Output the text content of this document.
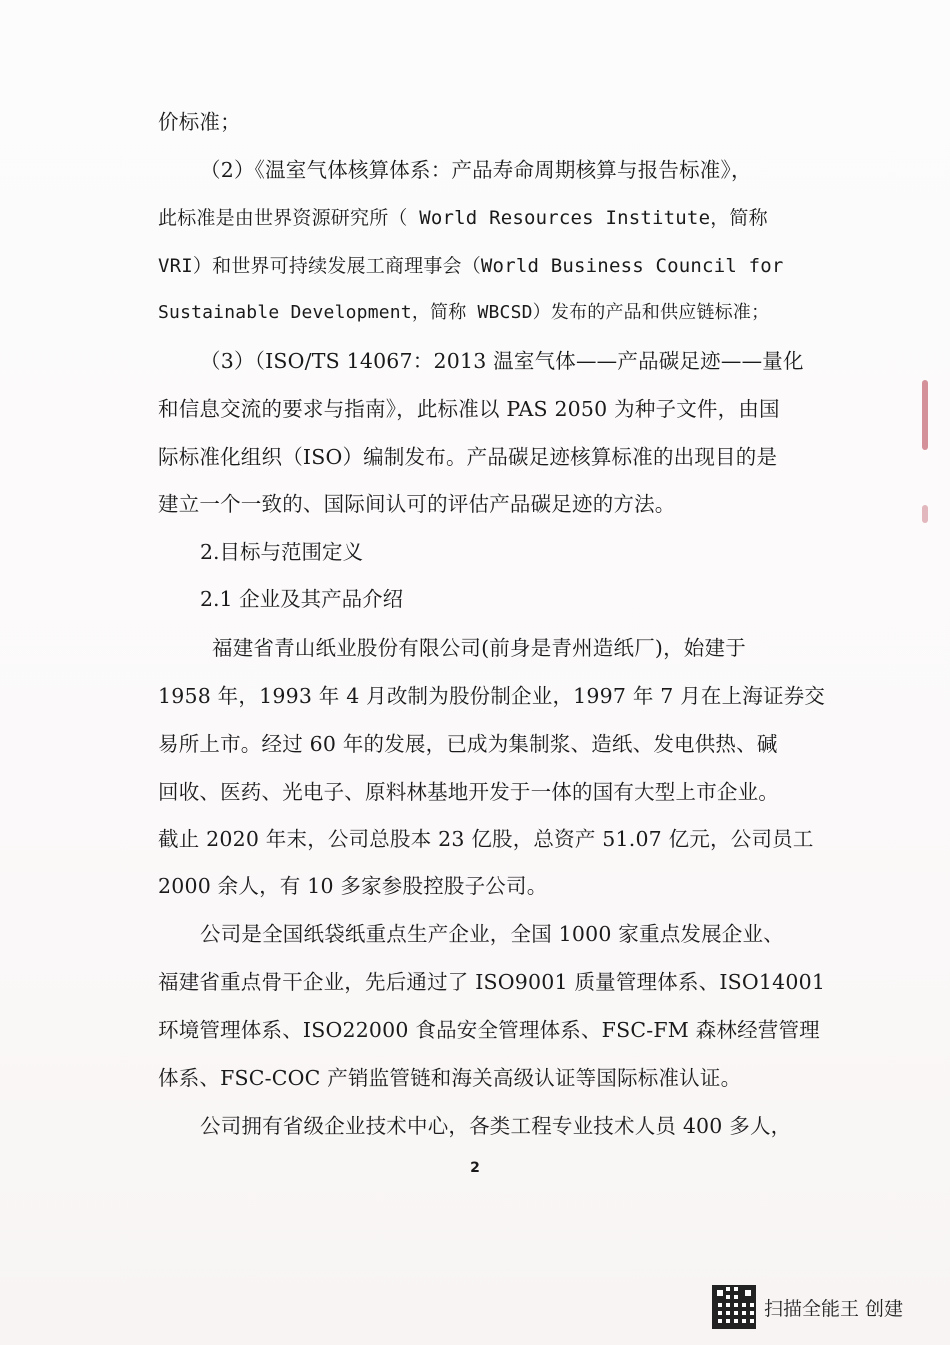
价标准；
（2）《温室气体核算体系：产品寿命周期核算与报告标准》，
此标准是由世界资源研究所（ World Resources Institute，简称
VRI）和世界可持续发展工商理事会（World Business Council for
Sustainable Development，简称 WBCSD）发布的产品和供应链标准；
（3）（ISO/TS 14067：2013 温室气体——产品碳足迹——量化
和信息交流的要求与指南》，此标准以 PAS 2050 为种子文件，由国
际标准化组织（ISO）编制发布。产品碳足迹核算标准的出现目的是
建立一个一致的、国际间认可的评估产品碳足迹的方法。
2.目标与范围定义
2.1 企业及其产品介绍
福建省青山纸业股份有限公司(前身是青州造纸厂)，始建于
1958 年，1993 年 4 月改制为股份制企业，1997 年 7 月在上海证券交
易所上市。经过 60 年的发展，已成为集制浆、造纸、发电供热、碱
回收、医药、光电子、原料林基地开发于一体的国有大型上市企业。
截止 2020 年末，公司总股本 23 亿股，总资产 51.07 亿元，公司员工
2000 余人，有 10 多家参股控股子公司。
公司是全国纸袋纸重点生产企业，全国 1000 家重点发展企业、
福建省重点骨干企业，先后通过了 ISO9001 质量管理体系、ISO14001
环境管理体系、ISO22000 食品安全管理体系、FSC-FM 森林经营管理
体系、FSC-COC 产销监管链和海关高级认证等国际标准认证。
公司拥有省级企业技术中心，各类工程专业技术人员 400 多人，
2
扫描全能王 创建
